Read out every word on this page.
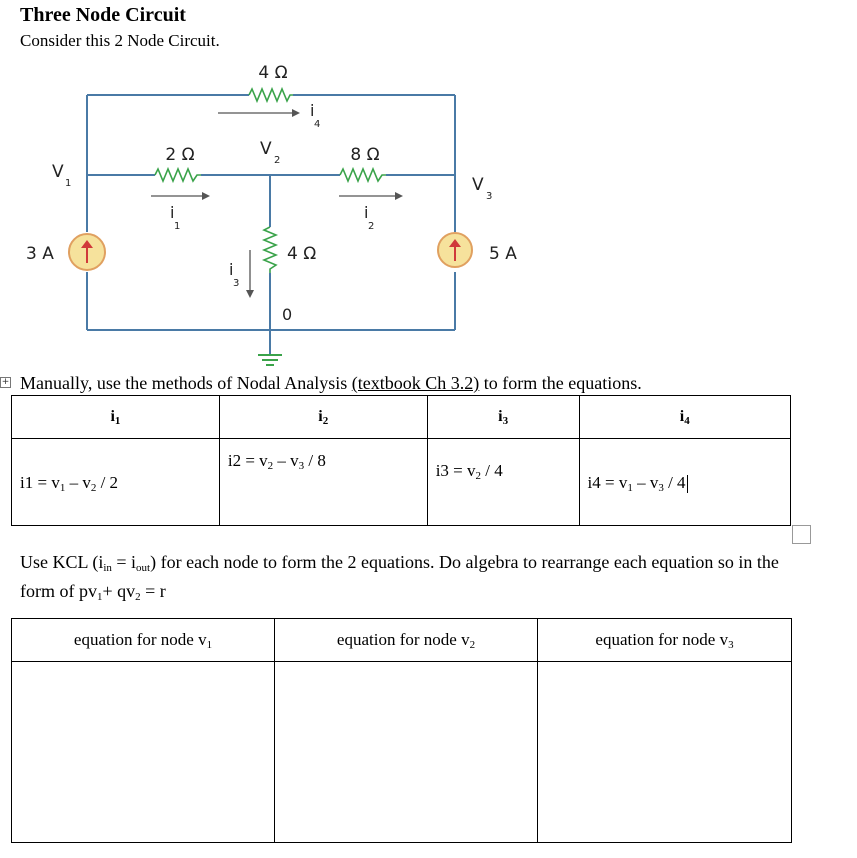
Three Node Circuit
Consider this 2 Node Circuit.
4 Ω
2 Ω	8 Ω
4 Ω
3 A	5 A
V
1
V
2
V
3
0
i
4
i
1
i
2
i
3
+ Manually, use the methods of Nodal Analysis (textbook Ch 3.2) to form the equations.
$i_1$	$i_2$	$i_3$	$i_4$

$i1 = v_1 - v_2 / 2$	$i2 = v_2 - v_3 / 8$	$i3 = v_2 / 4$	$i4 = v_1 - v_3 / 4$
Use KCL $(i_{in} = i_{out})$ for each node to form the 2 equations. Do algebra to rearrange each equation so in the form of $pv_1+ qv_2 = r$
equation for node $v_1$	equation for node $v_2$	equation for node $v_3$
